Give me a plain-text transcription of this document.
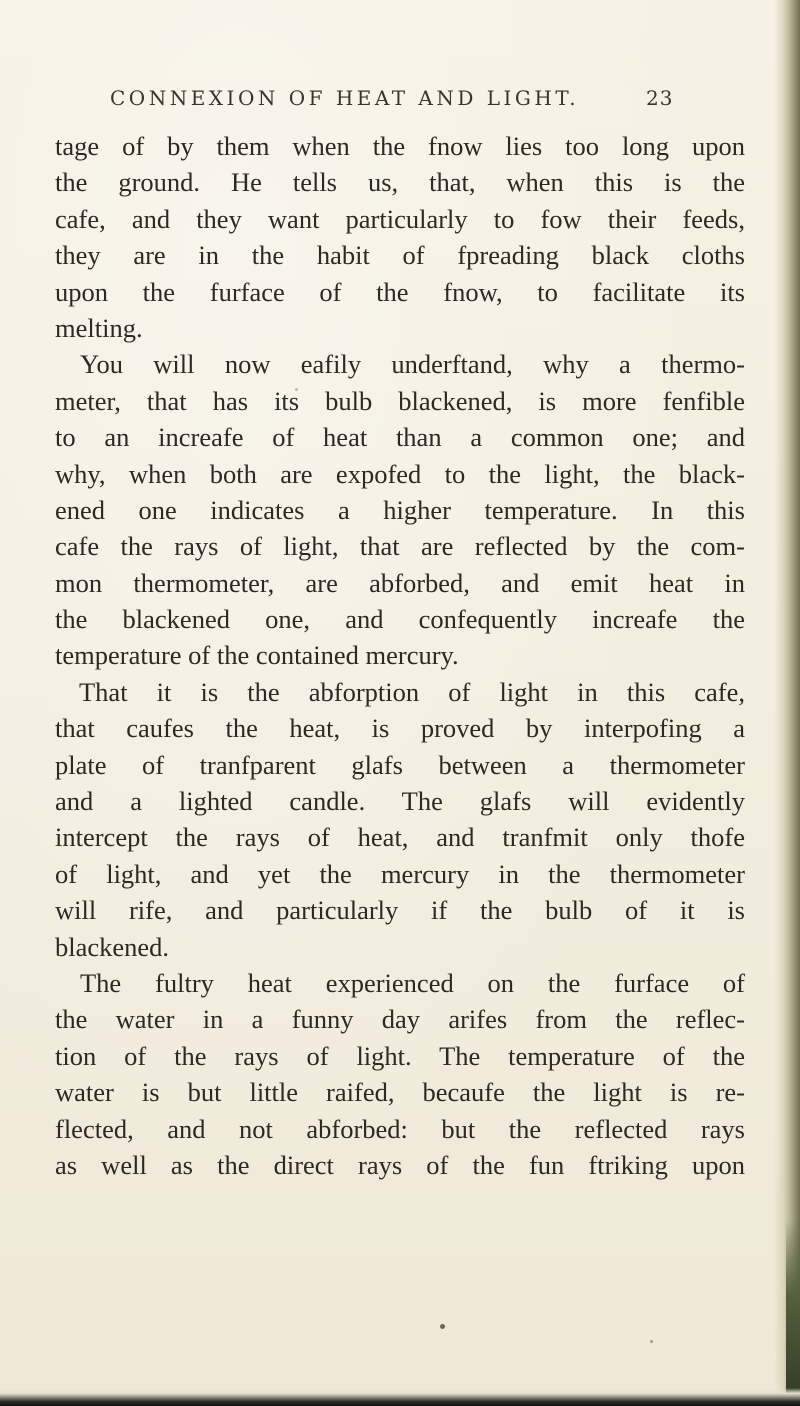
CONNEXION OF HEAT AND LIGHT.	23
tage of by them when the fnow lies too long upon
the ground. He tells us, that, when this is the
cafe, and they want particularly to fow their feeds,
they are in the habit of fpreading black cloths
upon the furface of the fnow, to facilitate its
melting.
You will now eafily underftand, why a thermo-
meter, that has its bulb blackened, is more fenfible
to an increafe of heat than a common one; and
why, when both are expofed to the light, the black-
ened one indicates a higher temperature. In this
cafe the rays of light, that are reflected by the com-
mon thermometer, are abforbed, and emit heat in
the blackened one, and confequently increafe the
temperature of the contained mercury.
That it is the abforption of light in this cafe,
that caufes the heat, is proved by interpofing a
plate of tranfparent glafs between a thermometer
and a lighted candle. The glafs will evidently
intercept the rays of heat, and tranfmit only thofe
of light, and yet the mercury in the thermometer
will rife, and particularly if the bulb of it is
blackened.
The fultry heat experienced on the furface of
the water in a funny day arifes from the reflec-
tion of the rays of light. The temperature of the
water is but little raifed, becaufe the light is re-
flected, and not abforbed: but the reflected rays
as well as the direct rays of the fun ftriking upon
